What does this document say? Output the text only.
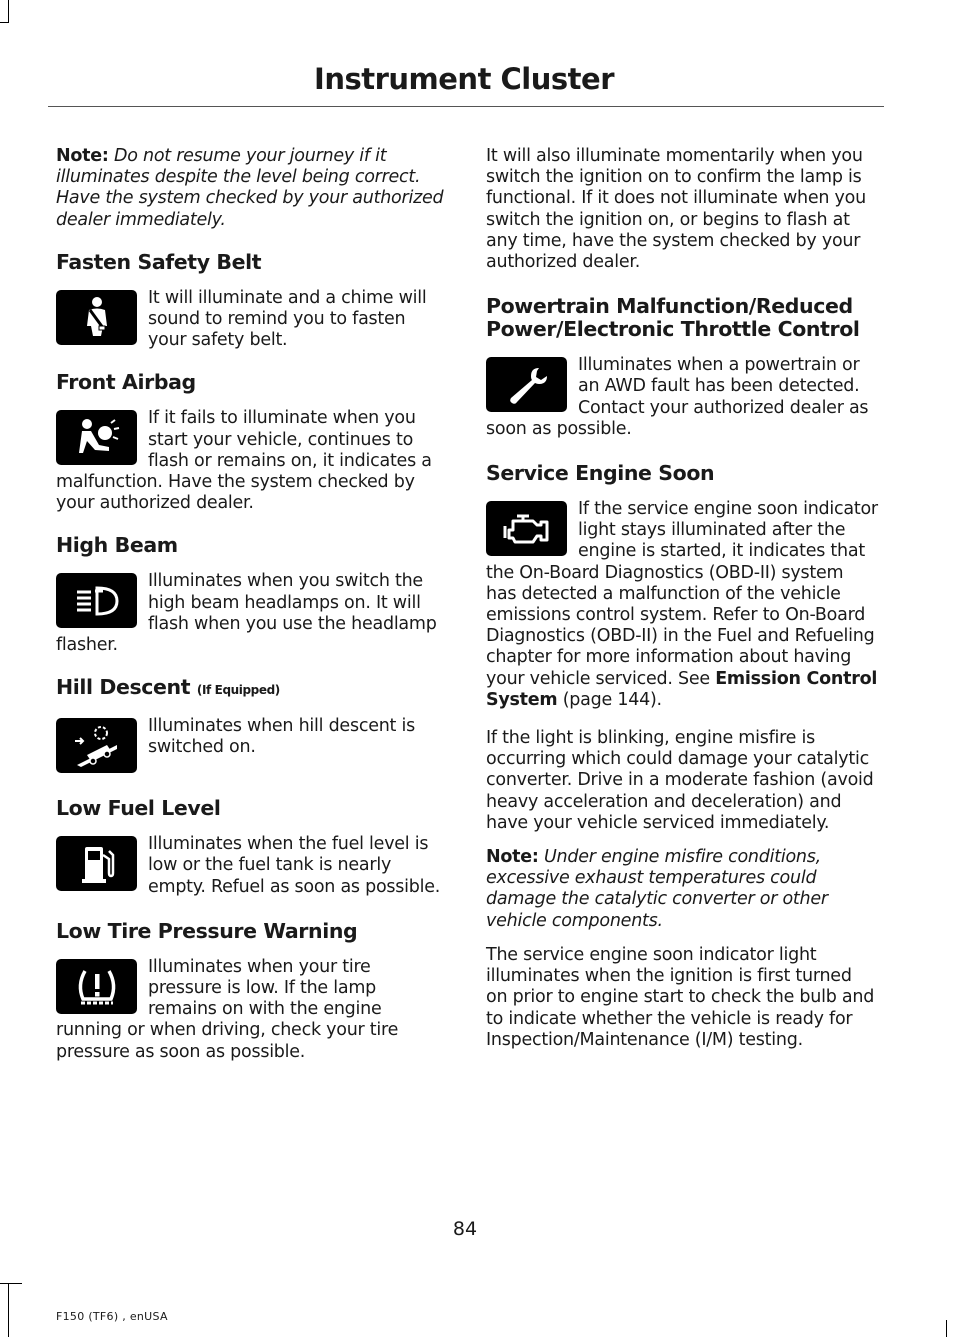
Instrument Cluster

Note: Do not resume your journey if it illuminates despite the level being correct. Have the system checked by your authorized dealer immediately.

Fasten Safety Belt

It will illuminate and a chime will sound to remind you to fasten your safety belt.

Front Airbag

If it fails to illuminate when you start your vehicle, continues to flash or remains on, it indicates a malfunction. Have the system checked by your authorized dealer.

High Beam

Illuminates when you switch the high beam headlamps on. It will flash when you use the headlamp flasher.

Hill Descent (If Equipped)

Illuminates when hill descent is switched on.

Low Fuel Level

Illuminates when the fuel level is low or the fuel tank is nearly empty. Refuel as soon as possible.

Low Tire Pressure Warning

Illuminates when your tire pressure is low. If the lamp remains on with the engine running or when driving, check your tire pressure as soon as possible.

It will also illuminate momentarily when you switch the ignition on to confirm the lamp is functional. If it does not illuminate when you switch the ignition on, or begins to flash at any time, have the system checked by your authorized dealer.

Powertrain Malfunction/Reduced Power/Electronic Throttle Control

Illuminates when a powertrain or an AWD fault has been detected. Contact your authorized dealer as soon as possible.

Service Engine Soon

If the service engine soon indicator light stays illuminated after the engine is started, it indicates that the On-Board Diagnostics (OBD-II) system has detected a malfunction of the vehicle emissions control system. Refer to On-Board Diagnostics (OBD-II) in the Fuel and Refueling chapter for more information about having your vehicle serviced. See Emission Control System (page 144).

If the light is blinking, engine misfire is occurring which could damage your catalytic converter. Drive in a moderate fashion (avoid heavy acceleration and deceleration) and have your vehicle serviced immediately.

Note: Under engine misfire conditions, excessive exhaust temperatures could damage the catalytic converter or other vehicle components.

The service engine soon indicator light illuminates when the ignition is first turned on prior to engine start to check the bulb and to indicate whether the vehicle is ready for Inspection/Maintenance (I/M) testing.

84
F150 (TF6) , enUSA
